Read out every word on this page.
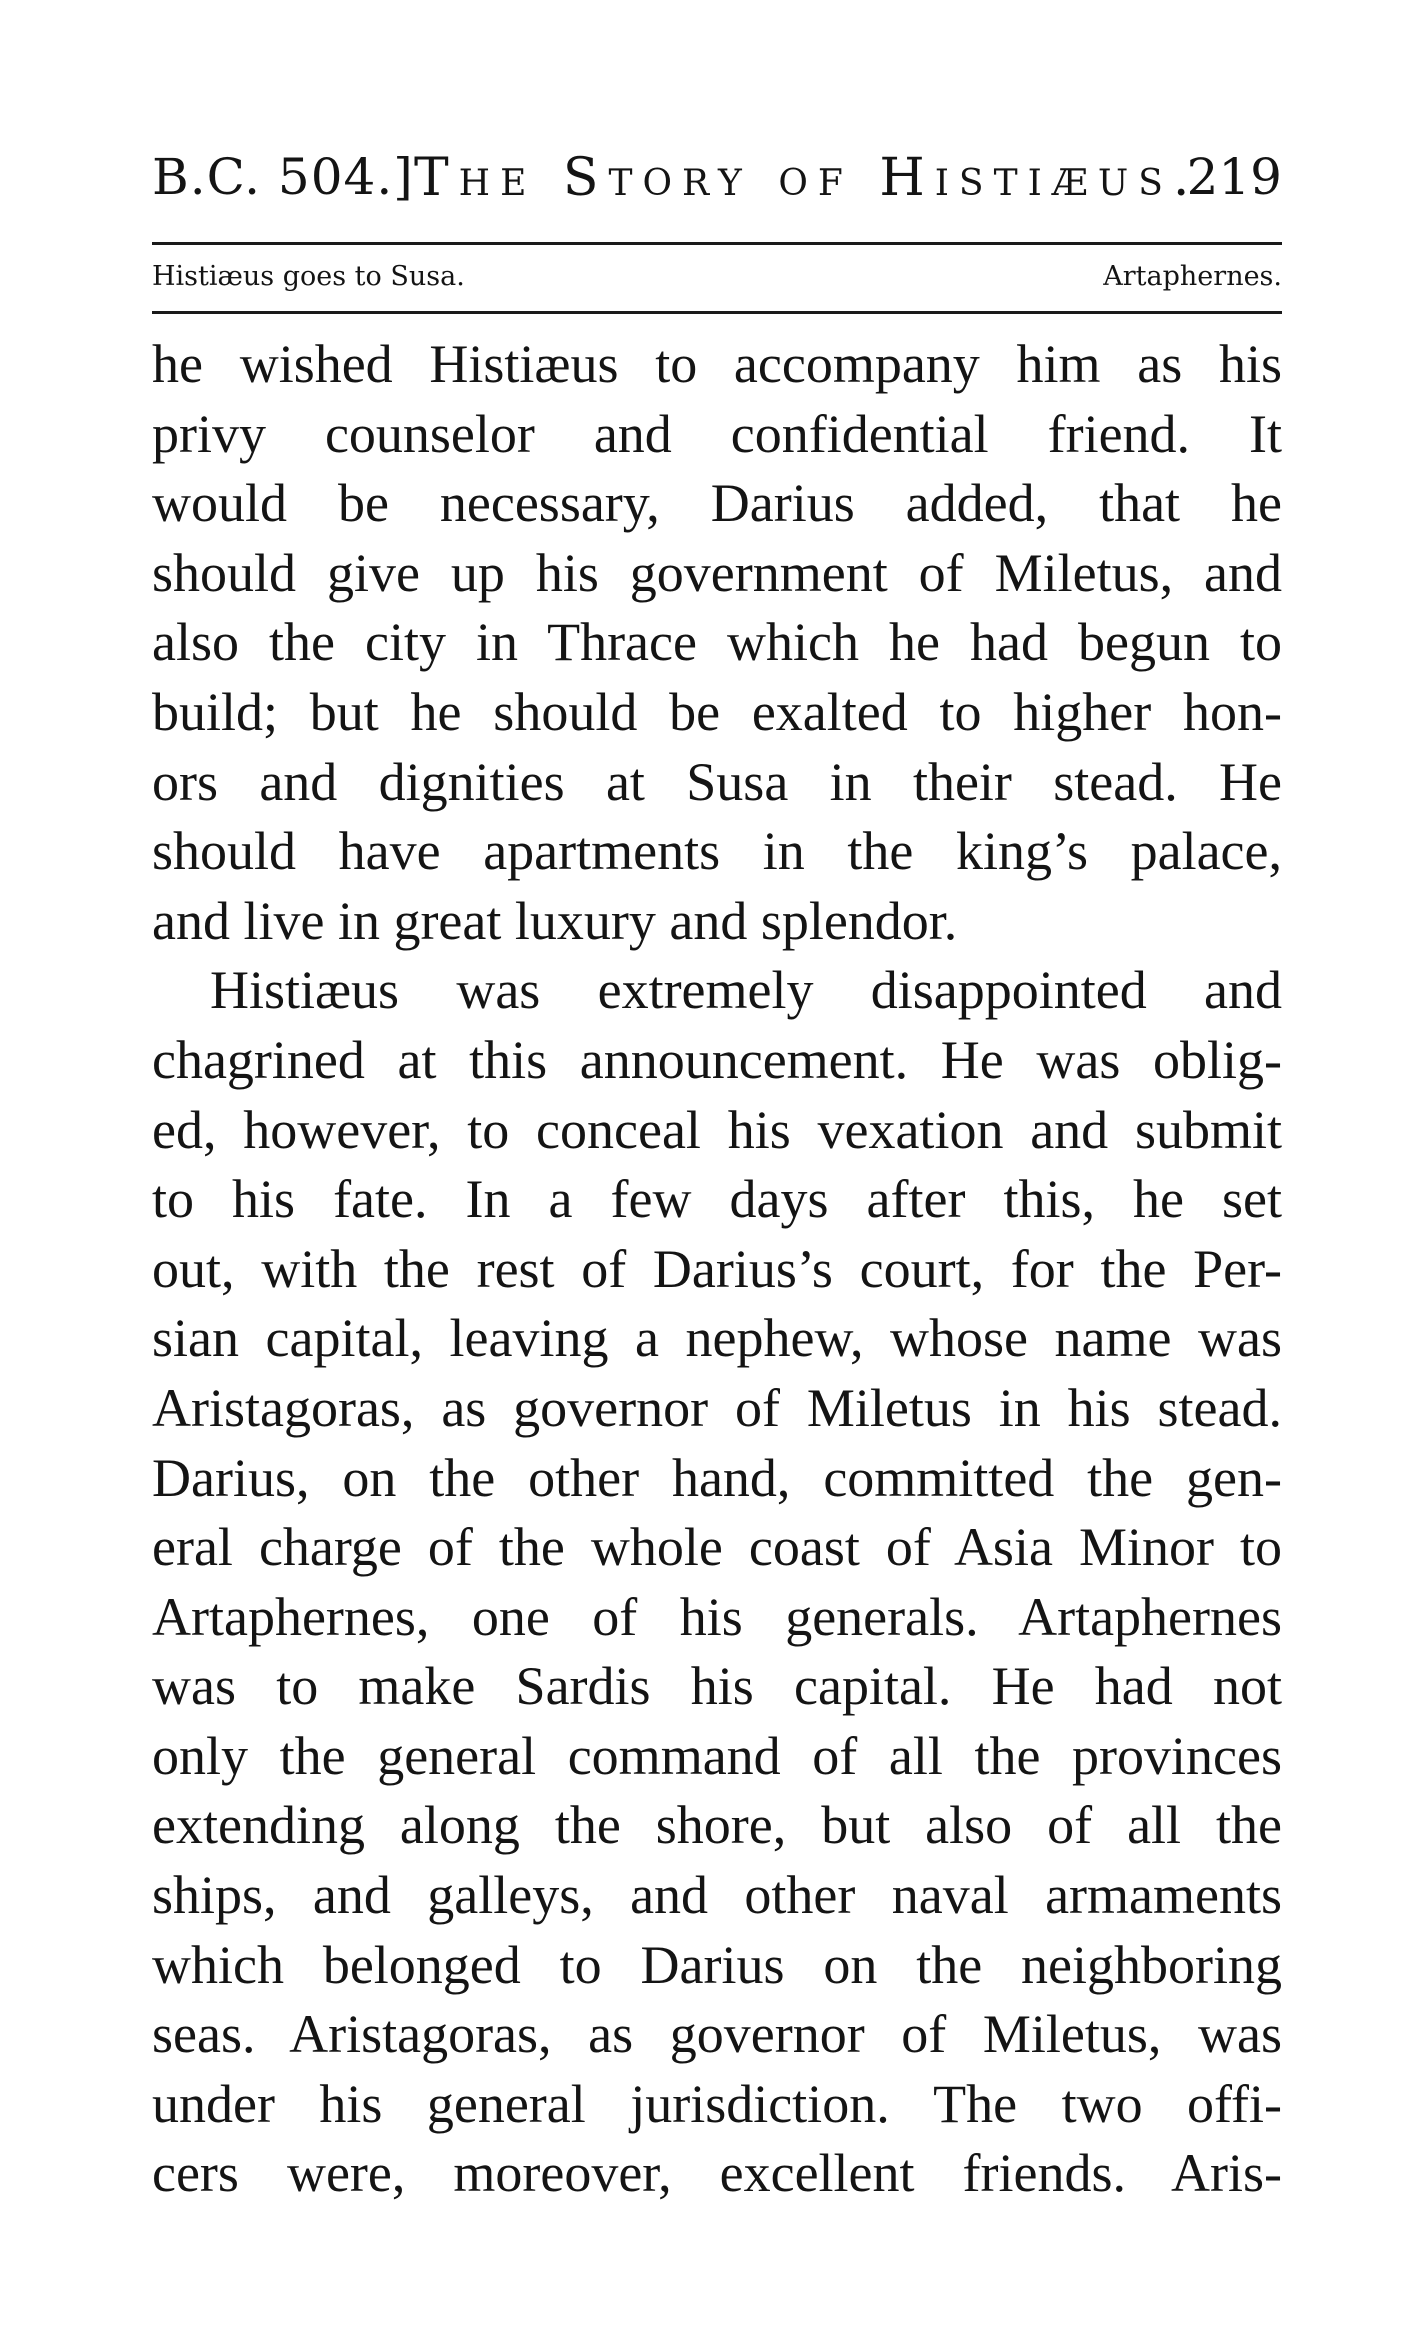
B.C. 504.] The Story of Histiæus.
219
Histiæus goes to Susa.	Artaphernes.
he wished Histiæus to accompany him as his
privy counselor and confidential friend. It
would be necessary, Darius added, that he
should give up his government of Miletus, and
also the city in Thrace which he had begun to
build; but he should be exalted to higher hon-
ors and dignities at Susa in their stead. He
should have apartments in the king’s palace,
and live in great luxury and splendor.
Histiæus was extremely disappointed and
chagrined at this announcement. He was oblig-
ed, however, to conceal his vexation and submit
to his fate. In a few days after this, he set
out, with the rest of Darius’s court, for the Per-
sian capital, leaving a nephew, whose name was
Aristagoras, as governor of Miletus in his stead.
Darius, on the other hand, committed the gen-
eral charge of the whole coast of Asia Minor to
Artaphernes, one of his generals. Artaphernes
was to make Sardis his capital. He had not
only the general command of all the provinces
extending along the shore, but also of all the
ships, and galleys, and other naval armaments
which belonged to Darius on the neighboring
seas. Aristagoras, as governor of Miletus, was
under his general jurisdiction. The two offi-
cers were, moreover, excellent friends. Aris-
